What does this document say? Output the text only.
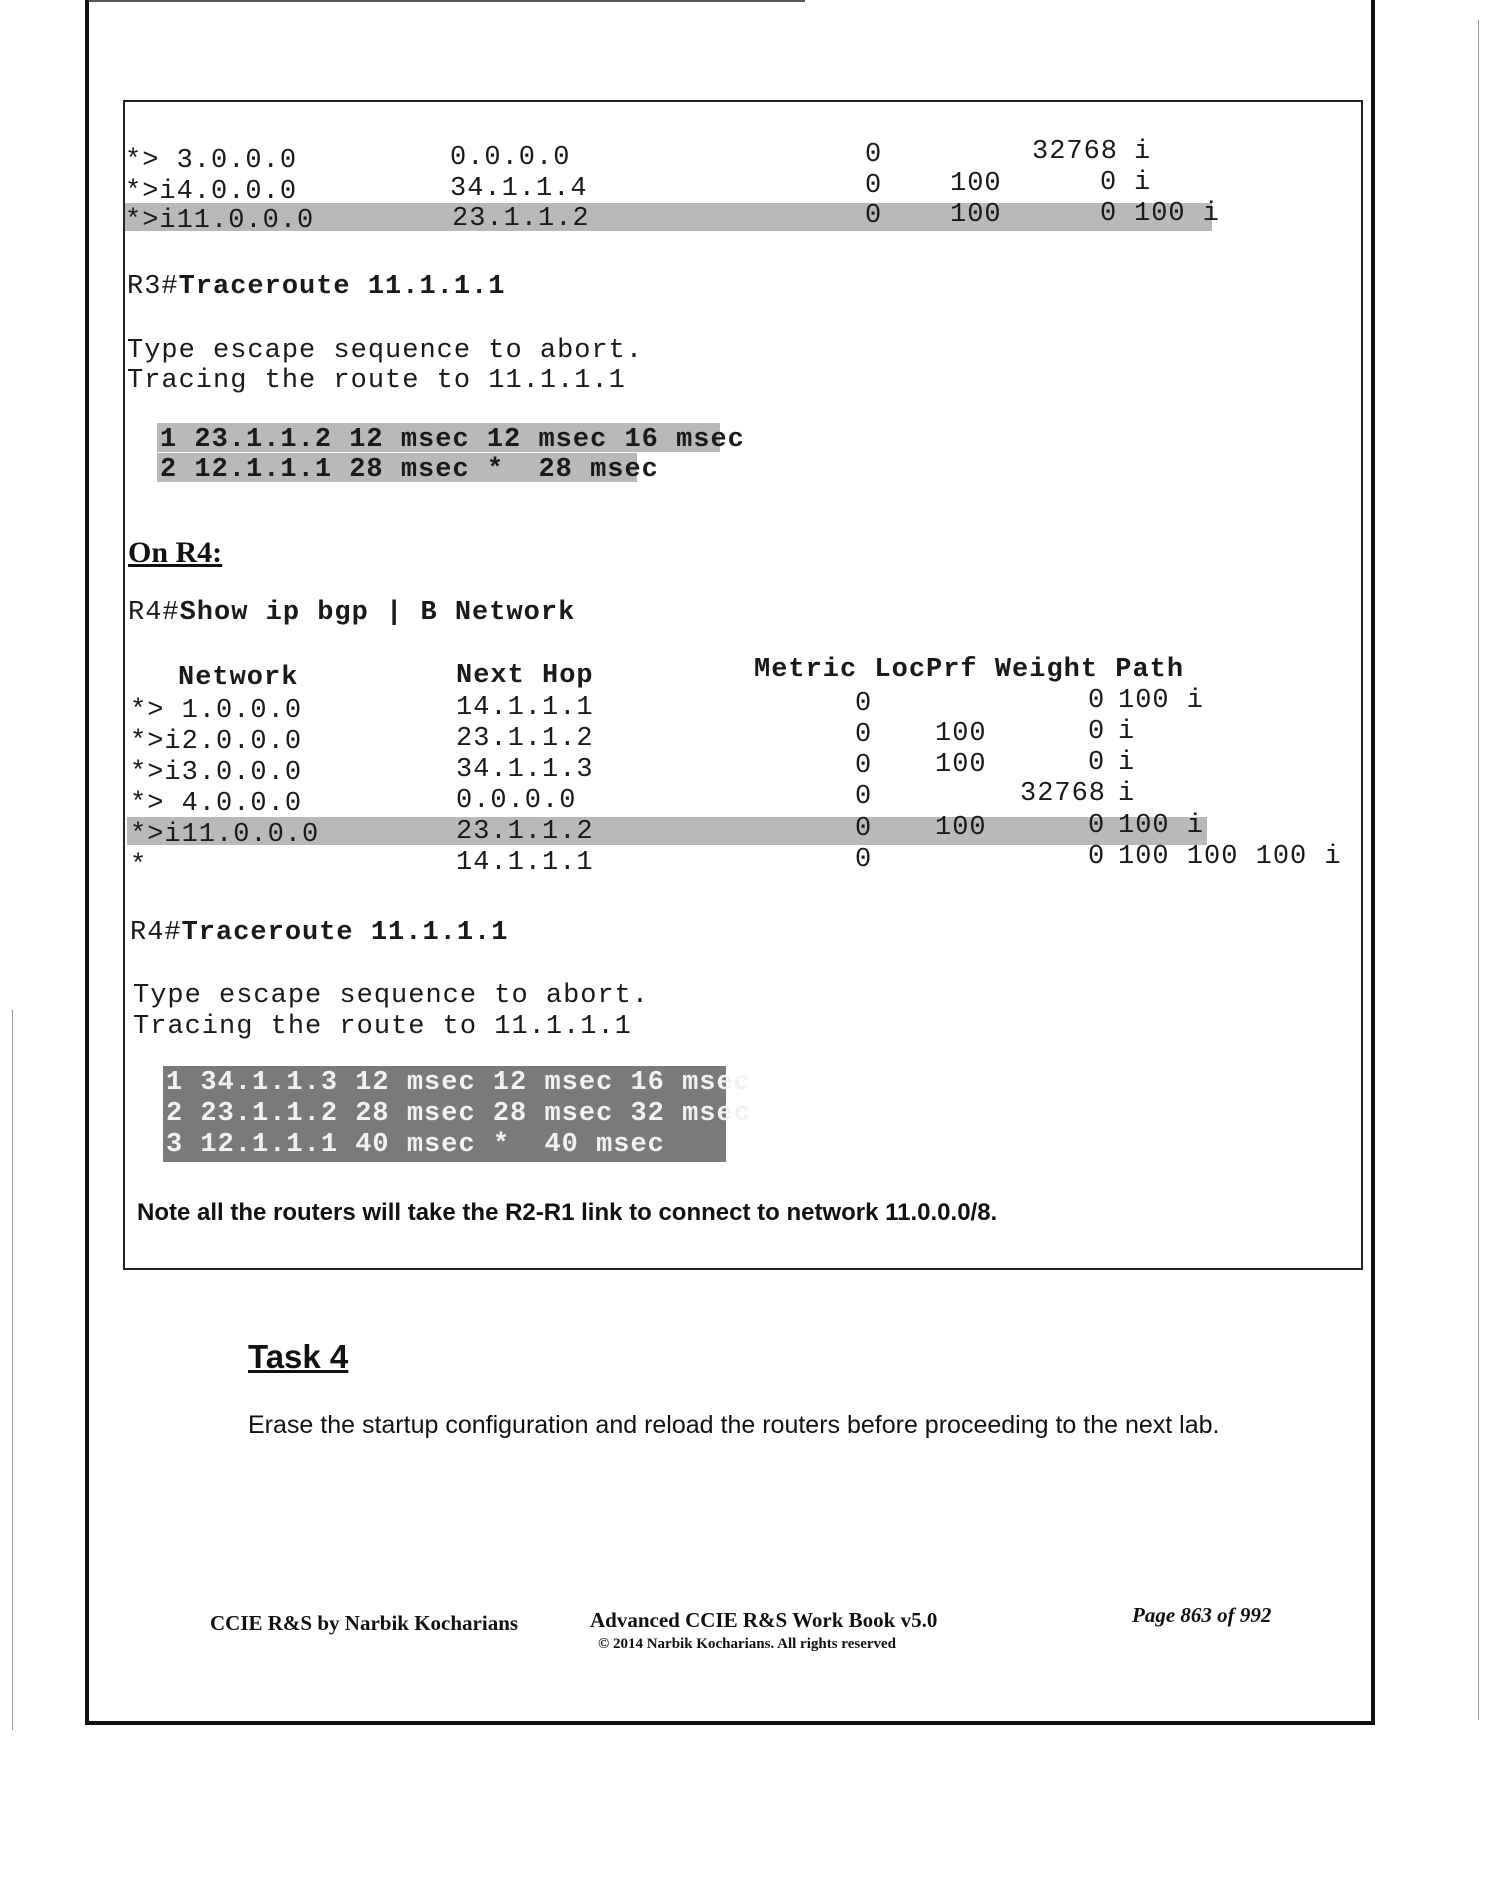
*> 3.0.0.0	0.0.0.0	0	32768 i
*>i4.0.0.0	34.1.1.4	0	100	0 i
*>i11.0.0.0	23.1.1.2	0	100	0 100 i
R3#Traceroute 11.1.1.1
Type escape sequence to abort.
Tracing the route to 11.1.1.1
1 23.1.1.2 12 msec 12 msec 16 msec
2 12.1.1.1 28 msec *  28 msec
On R4:
R4#Show ip bgp | B Network
Network	Next Hop	Metric LocPrf Weight Path
*> 1.0.0.0	14.1.1.1	0	0 100 i
*>i2.0.0.0	23.1.1.2	0 100	0 i
*>i3.0.0.0	34.1.1.3	0 100	0 i
*> 4.0.0.0	0.0.0.0	0	32768 i
*>i11.0.0.0	23.1.1.2	0 100	0 100 i
*	14.1.1.1	0	0 100 100 100 i
R4#Traceroute 11.1.1.1
Type escape sequence to abort.
Tracing the route to 11.1.1.1
1 34.1.1.3 12 msec 12 msec 16 msec
2 23.1.1.2 28 msec 28 msec 32 msec
3 12.1.1.1 40 msec *  40 msec
Note all the routers will take the R2-R1 link to connect to network 11.0.0.0/8.
Task 4
Erase the startup configuration and reload the routers before proceeding to the next lab.
CCIE R&S by Narbik Kocharians	Advanced CCIE R&S Work Book v5.0
© 2014 Narbik Kocharians. All rights reserved
Page 863 of 992
